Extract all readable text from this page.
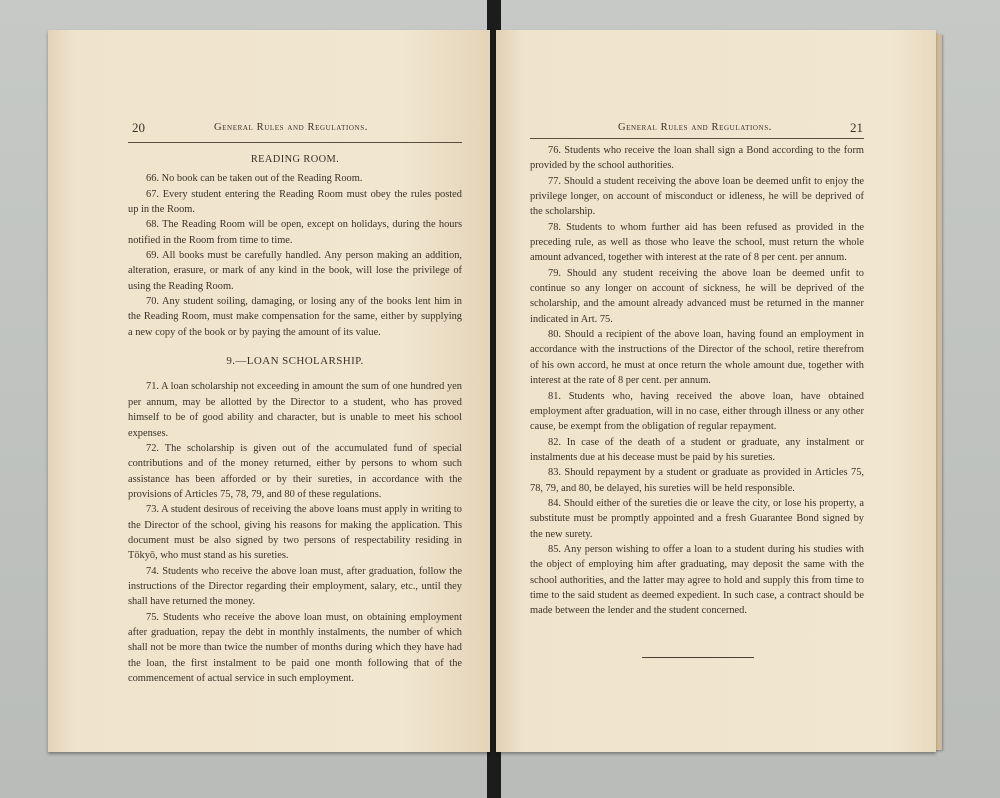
20	General Rules and Regulations.

READING ROOM.

66. No book can be taken out of the Reading Room.

67. Every student entering the Reading Room must obey the rules posted up in the Room.

68. The Reading Room will be open, except on holidays, during the hours notified in the Room from time to time.

69. All books must be carefully handled. Any person making an addition, alteration, erasure, or mark of any kind in the book, will lose the privilege of using the Reading Room.

70. Any student soiling, damaging, or losing any of the books lent him in the Reading Room, must make compensation for the same, either by supplying a new copy of the book or by paying the amount of its value.

9.—LOAN SCHOLARSHIP.

71. A loan scholarship not exceeding in amount the sum of one hundred yen per annum, may be allotted by the Director to a student, who has proved himself to be of good ability and character, but is unable to meet his school expenses.

72. The scholarship is given out of the accumulated fund of special contributions and of the money returned, either by persons to whom such assistance has been afforded or by their sureties, in accordance with the provisions of Articles 75, 78, 79, and 80 of these regulations.

73. A student desirous of receiving the above loans must apply in writing to the Director of the school, giving his reasons for making the application. This document must be also signed by two persons of respectability residing in Tōkyō, who must stand as his sureties.

74. Students who receive the above loan must, after graduation, follow the instructions of the Director regarding their employment, salary, etc., until they shall have returned the money.

75. Students who receive the above loan must, on obtaining employment after graduation, repay the debt in monthly instalments, the number of which shall not be more than twice the number of months during which they have had the loan, the first instalment to be paid one month following that of the commencement of actual service in such employment.

General Rules and Regulations.	21

76. Students who receive the loan shall sign a Bond according to the form provided by the school authorities.

77. Should a student receiving the above loan be deemed unfit to enjoy the privilege longer, on account of misconduct or idleness, he will be deprived of the scholarship.

78. Students to whom further aid has been refused as provided in the preceding rule, as well as those who leave the school, must return the whole amount advanced, together with interest at the rate of 8 per cent. per annum.

79. Should any student receiving the above loan be deemed unfit to continue so any longer on account of sickness, he will be deprived of the scholarship, and the amount already advanced must be returned in the manner indicated in Art. 75.

80. Should a recipient of the above loan, having found an employment in accordance with the instructions of the Director of the school, retire therefrom of his own accord, he must at once return the whole amount due, together with interest at the rate of 8 per cent. per annum.

81. Students who, having received the above loan, have obtained employment after graduation, will in no case, either through illness or any other cause, be exempt from the obligation of regular repayment.

82. In case of the death of a student or graduate, any instalment or instalments due at his decease must be paid by his sureties.

83. Should repayment by a student or graduate as provided in Articles 75, 78, 79, and 80, be delayed, his sureties will be held responsible.

84. Should either of the sureties die or leave the city, or lose his property, a substitute must be promptly appointed and a fresh Guarantee Bond signed by the new surety.

85. Any person wishing to offer a loan to a student during his studies with the object of employing him after graduating, may deposit the same with the school authorities, and the latter may agree to hold and supply this from time to time to the said student as deemed expedient. In such case, a contract should be made between the lender and the student concerned.
